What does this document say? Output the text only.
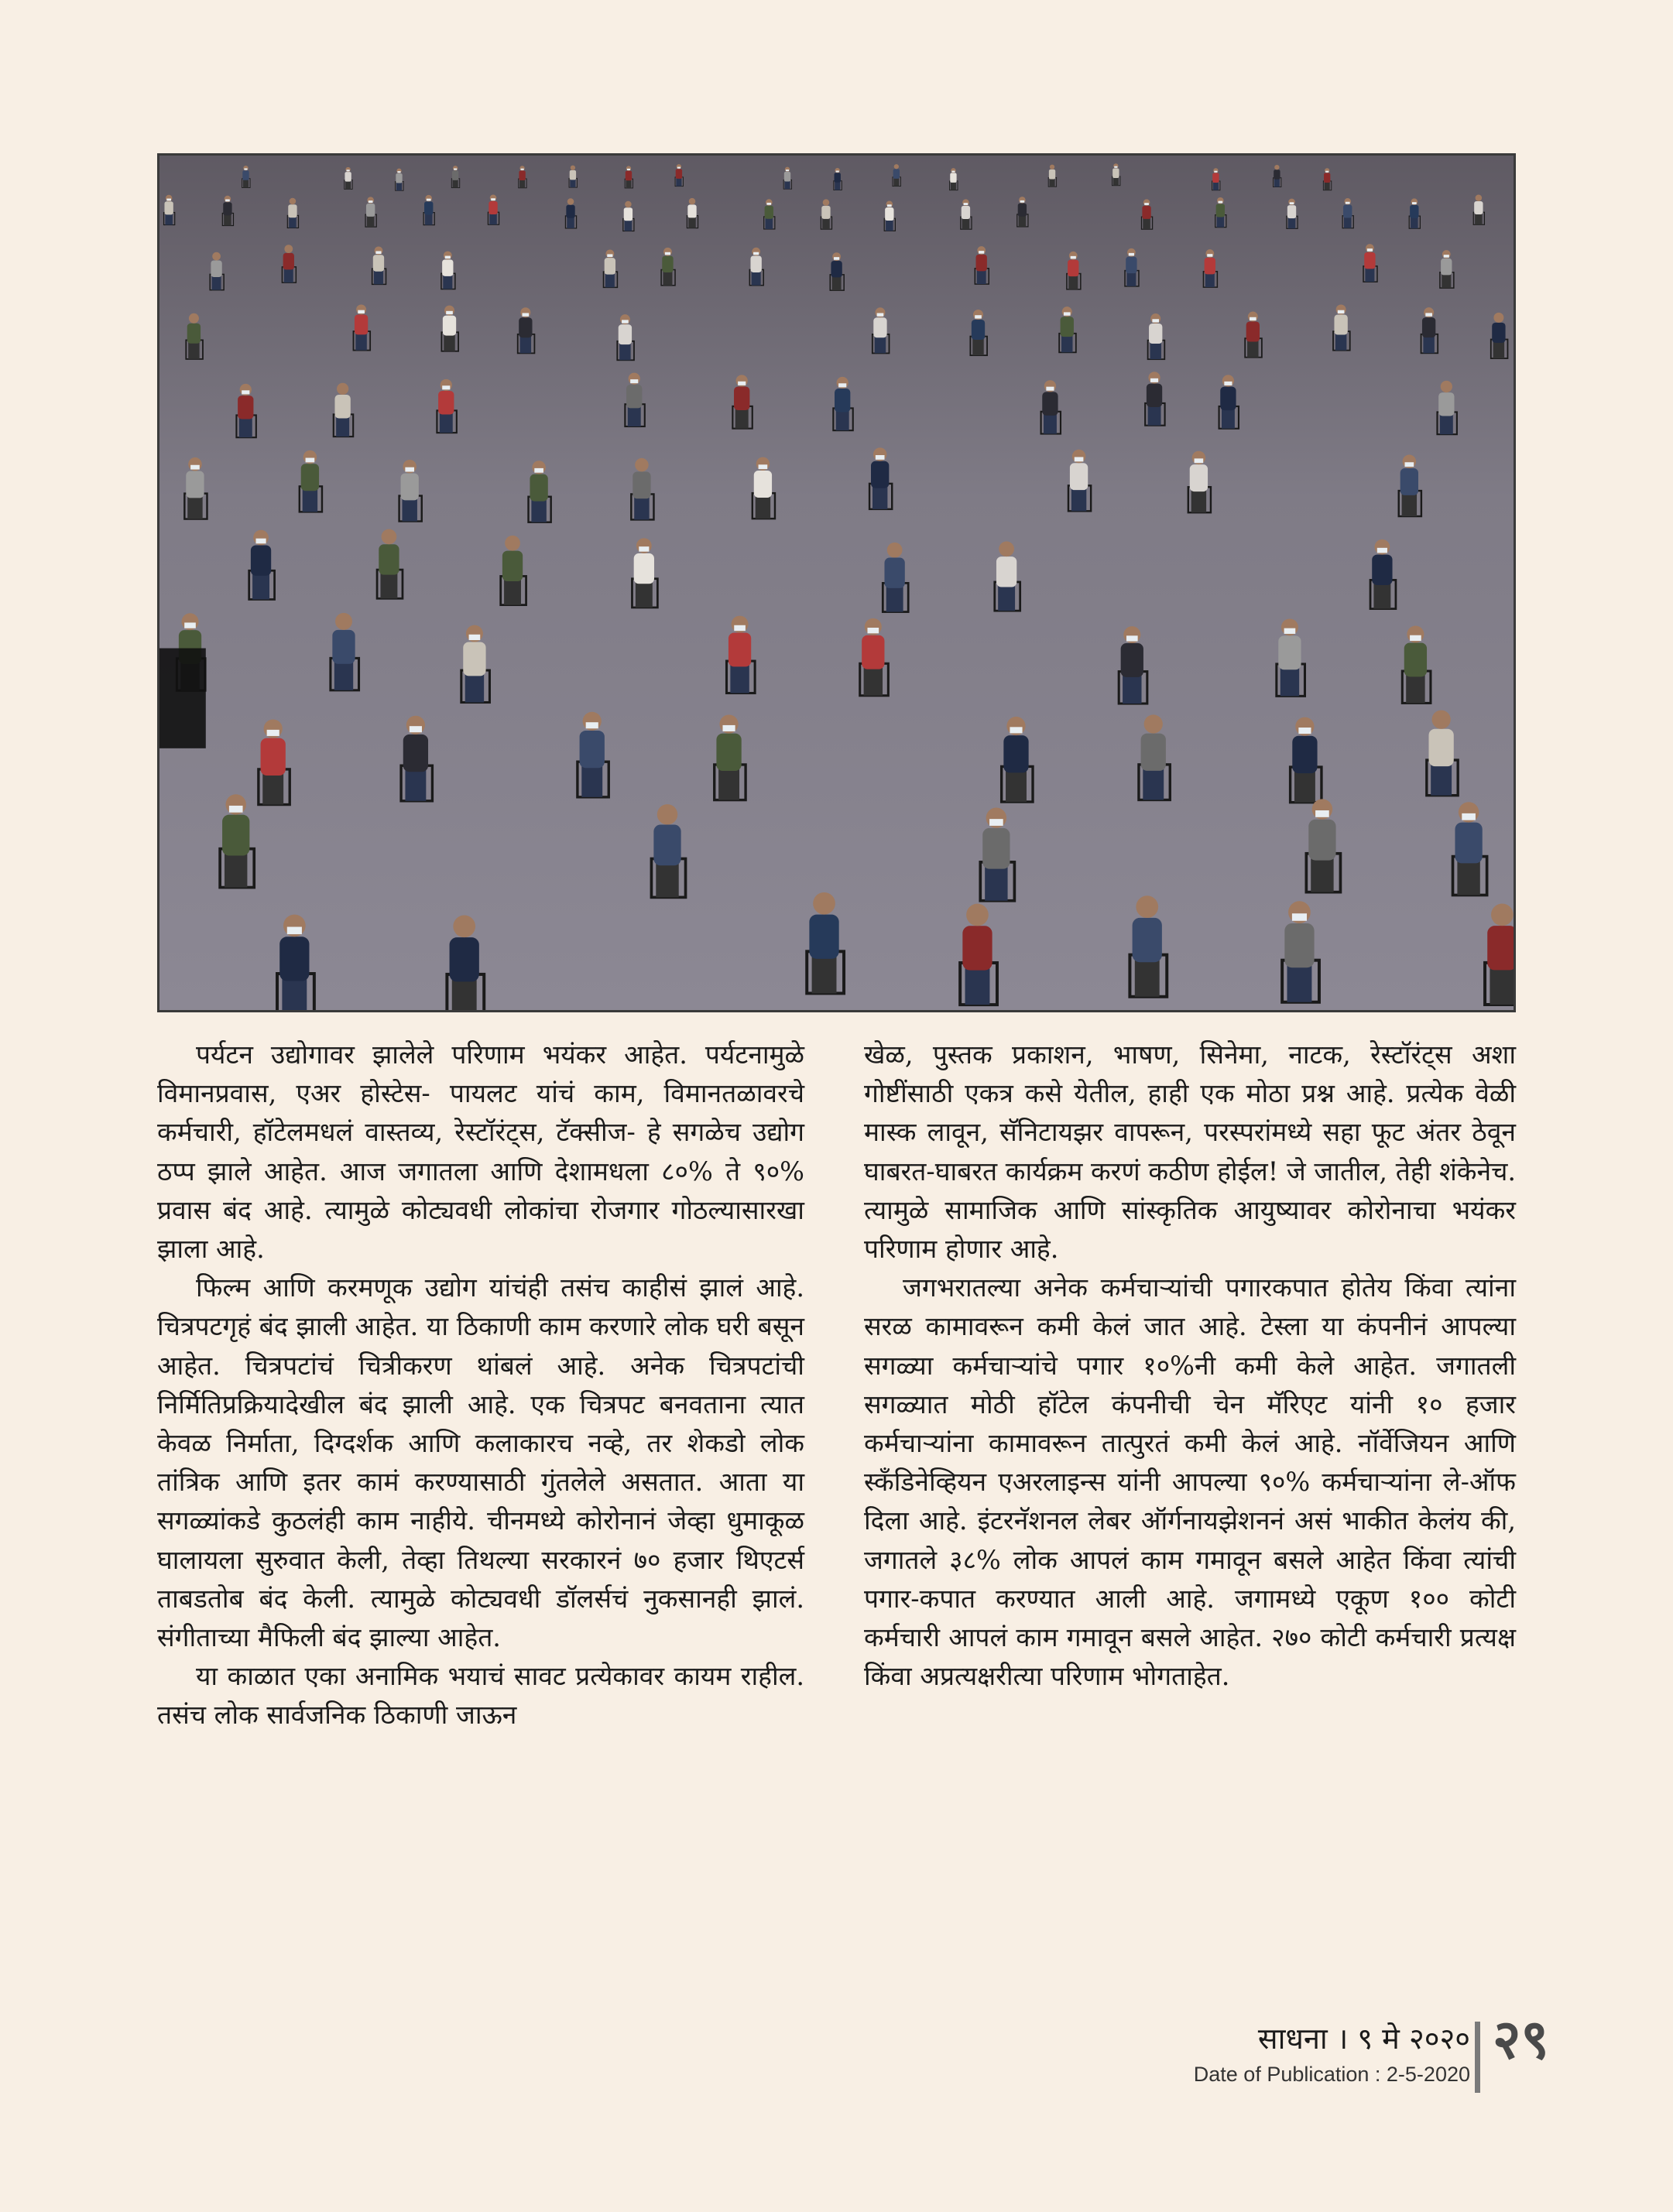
पर्यटन उद्योगावर झालेले परिणाम भयंकर आहेत. पर्यटनामुळे विमानप्रवास, एअर होस्टेस- पायलट यांचं काम, विमानतळावरचे कर्मचारी, हॉटेलमधलं वास्तव्य, रेस्टॉरंट्स, टॅक्सीज- हे सगळेच उद्योग ठप्प झाले आहेत. आज जगातला आणि देशामधला ८०% ते ९०% प्रवास बंद आहे. त्यामुळे कोट्यवधी लोकांचा रोजगार गोठल्यासारखा झाला आहे.

फिल्म आणि करमणूक उद्योग यांचंही तसंच काहीसं झालं आहे. चित्रपटगृहं बंद झाली आहेत. या ठिकाणी काम करणारे लोक घरी बसून आहेत. चित्रपटांचं चित्रीकरण थांबलं आहे. अनेक चित्रपटांची निर्मितिप्रक्रियादेखील बंद झाली आहे. एक चित्रपट बनवताना त्यात केवळ निर्माता, दिग्दर्शक आणि कलाकारच नव्हे, तर शेकडो लोक तांत्रिक आणि इतर कामं करण्यासाठी गुंतलेले असतात. आता या सगळ्यांकडे कुठलंही काम नाहीये. चीनमध्ये कोरोनानं जेव्हा धुमाकूळ घालायला सुरुवात केली, तेव्हा तिथल्या सरकारनं ७० हजार थिएटर्स ताबडतोब बंद केली. त्यामुळे कोट्यवधी डॉलर्सचं नुकसानही झालं. संगीताच्या मैफिली बंद झाल्या आहेत.

या काळात एका अनामिक भयाचं सावट प्रत्येकावर कायम राहील. तसंच लोक सार्वजनिक ठिकाणी जाऊन

खेळ, पुस्तक प्रकाशन, भाषण, सिनेमा, नाटक, रेस्टॉरंट्स अशा गोष्टींसाठी एकत्र कसे येतील, हाही एक मोठा प्रश्न आहे. प्रत्येक वेळी मास्क लावून, सॅनिटायझर वापरून, परस्परांमध्ये सहा फूट अंतर ठेवून घाबरत-घाबरत कार्यक्रम करणं कठीण होईल! जे जातील, तेही शंकेनेच. त्यामुळे सामाजिक आणि सांस्कृतिक आयुष्यावर कोरोनाचा भयंकर परिणाम होणार आहे.

जगभरातल्या अनेक कर्मचाऱ्यांची पगारकपात होतेय किंवा त्यांना सरळ कामावरून कमी केलं जात आहे. टेस्ला या कंपनीनं आपल्या सगळ्या कर्मचाऱ्यांचे पगार १०%नी कमी केले आहेत. जगातली सगळ्यात मोठी हॉटेल कंपनीची चेन मॅरिएट यांनी १० हजार कर्मचाऱ्यांना कामावरून तात्पुरतं कमी केलं आहे. नॉर्वेजियन आणि स्कँडिनेव्हियन एअरलाइन्स यांनी आपल्या ९०% कर्मचाऱ्यांना ले-ऑफ दिला आहे. इंटरनॅशनल लेबर ऑर्गनायझेशननं असं भाकीत केलंय की, जगातले ३८% लोक आपलं काम गमावून बसले आहेत किंवा त्यांची पगार-कपात करण्यात आली आहे. जगामध्ये एकूण १०० कोटी कर्मचारी आपलं काम गमावून बसले आहेत. २७० कोटी कर्मचारी प्रत्यक्ष किंवा अप्रत्यक्षरीत्या परिणाम भोगताहेत.

साधना । ९ मे २०२०
Date of Publication : 2-5-2020
२९
